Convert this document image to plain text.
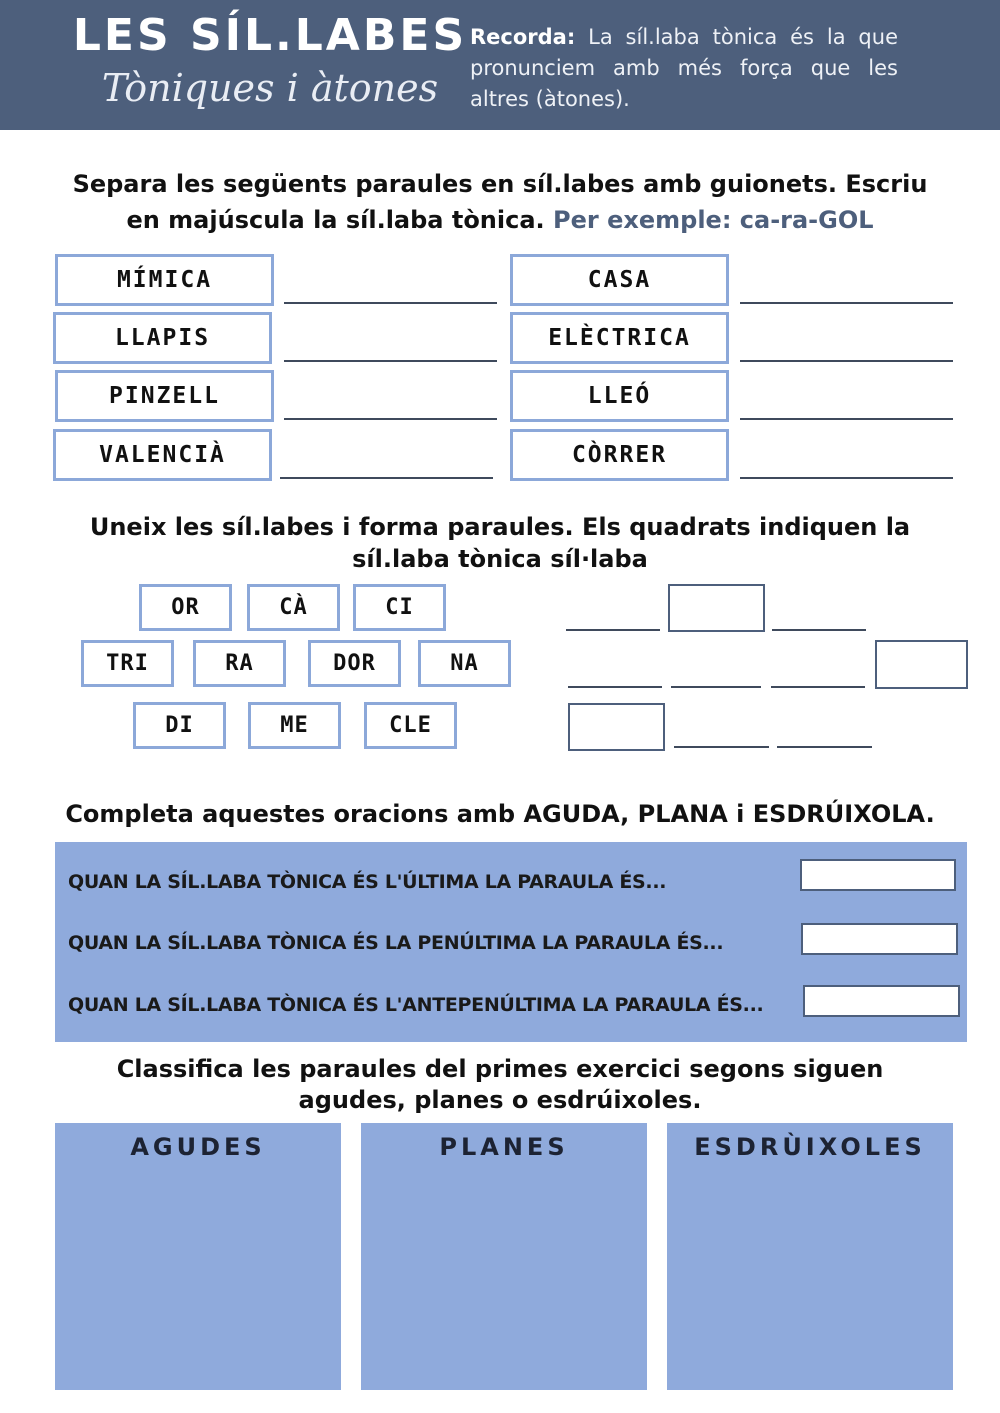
LES SÍL.LABES
Tòniques i àtones
Recorda: La síl.laba tònica és la que pronunciem amb més força que les altres (àtones).
Separa les següents paraules en síl.labes amb guionets. Escriu en majúscula la síl.laba tònica. Per exemple: ca-ra-GOL
MÍMICA
LLAPIS
PINZELL
VALENCIÀ
CASA
ELÈCTRICA
LLEÓ
CÒRRER
Uneix les síl.labes i forma paraules. Els quadrats indiquen la síl.laba tònica síl·laba
OR	CÀ	CI
TRI	RA	DOR	NA
DI	ME	CLE
Completa aquestes oracions amb AGUDA, PLANA i ESDRÚIXOLA.
QUAN LA SÍL.LABA TÒNICA ÉS L'ÚLTIMA LA PARAULA ÉS...
QUAN LA SÍL.LABA TÒNICA ÉS LA PENÚLTIMA LA PARAULA ÉS...
QUAN LA SÍL.LABA TÒNICA ÉS L'ANTEPENÚLTIMA LA PARAULA ÉS...
Classifica les paraules del primes exercici segons siguen agudes, planes o esdrúixoles.
AGUDES	PLANES	ESDRÙIXOLES
